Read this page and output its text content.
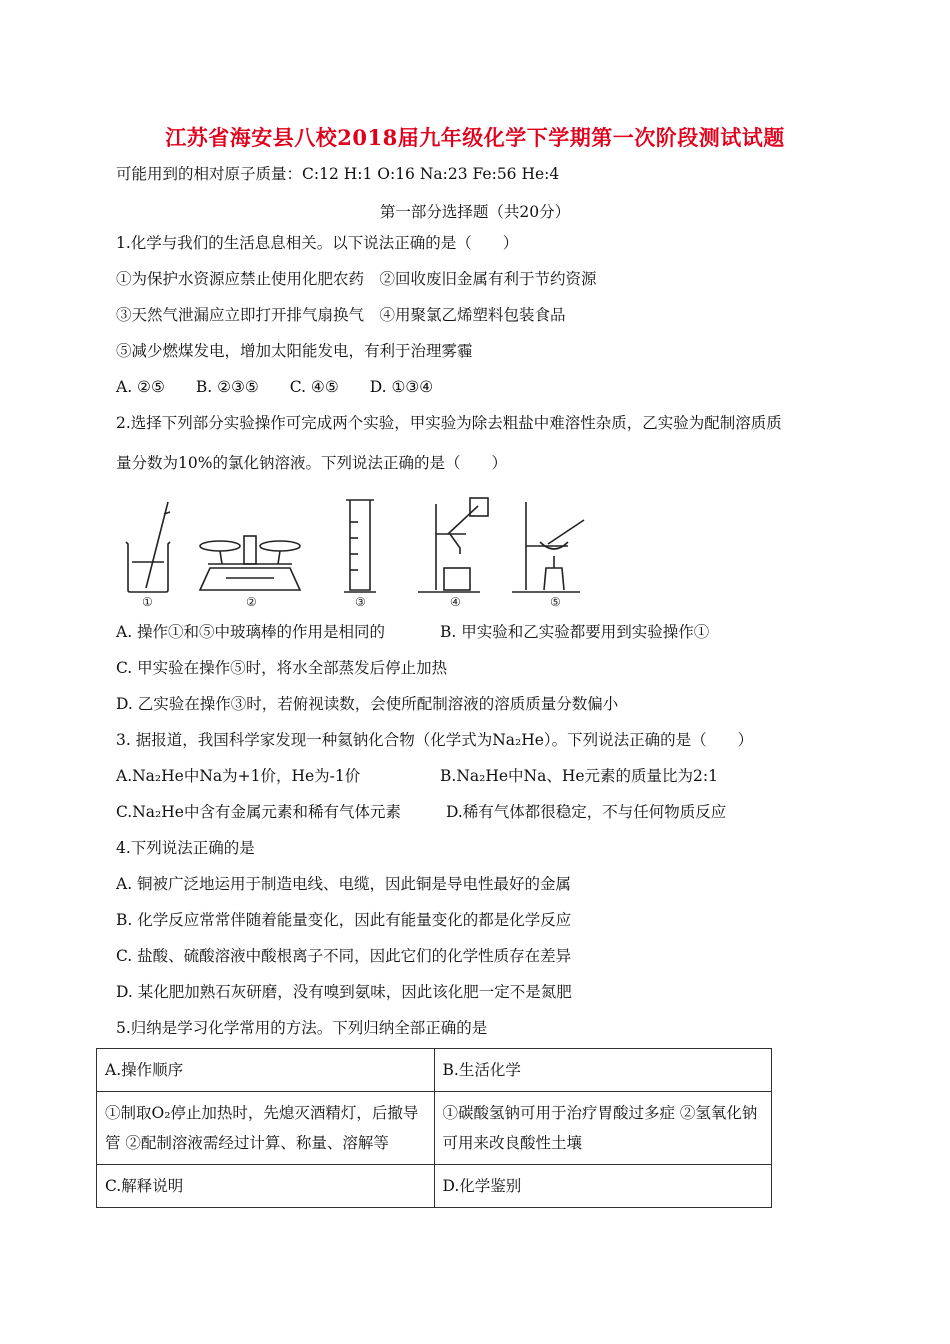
江苏省海安县八校2018届九年级化学下学期第一次阶段测试试题
可能用到的相对原子质量：C:12 H:1 O:16 Na:23 Fe:56 He:4
第一部分选择题（共20分）
1.化学与我们的生活息息相关。以下说法正确的是（　　）
①为保护水资源应禁止使用化肥农药　②回收废旧金属有利于节约资源
③天然气泄漏应立即打开排气扇换气　④用聚氯乙烯塑料包装食品
⑤减少燃煤发电，增加太阳能发电，有利于治理雾霾
A. ②⑤　　B. ②③⑤　　C. ④⑤　　D. ①③④
2.选择下列部分实验操作可完成两个实验，甲实验为除去粗盐中难溶性杂质，乙实验为配制溶质质
量分数为10%的氯化钠溶液。下列说法正确的是（　　）
①	②	③	④	⑤
A. 操作①和⑤中玻璃棒的作用是相同的	B. 甲实验和乙实验都要用到实验操作①
C. 甲实验在操作⑤时，将水全部蒸发后停止加热
D. 乙实验在操作③时，若俯视读数，会使所配制溶液的溶质质量分数偏小
3. 据报道，我国科学家发现一种氦钠化合物（化学式为Na₂He）。下列说法正确的是（　　）
A.Na₂He中Na为+1价，He为-1价	B.Na₂He中Na、He元素的质量比为2:1
C.Na₂He中含有金属元素和稀有气体元素	D.稀有气体都很稳定，不与任何物质反应
4.下列说法正确的是
A. 铜被广泛地运用于制造电线、电缆，因此铜是导电性最好的金属
B. 化学反应常常伴随着能量变化，因此有能量变化的都是化学反应
C. 盐酸、硫酸溶液中酸根离子不同，因此它们的化学性质存在差异
D. 某化肥加熟石灰研磨，没有嗅到氨味，因此该化肥一定不是氮肥
5.归纳是学习化学常用的方法。下列归纳全部正确的是
A.操作顺序	B.生活化学
①制取O₂停止加热时，先熄灭酒精灯，后撤导管 ②配制溶液需经过计算、称量、溶解等	①碳酸氢钠可用于治疗胃酸过多症 ②氢氧化钠可用来改良酸性土壤
C.解释说明	D.化学鉴别
